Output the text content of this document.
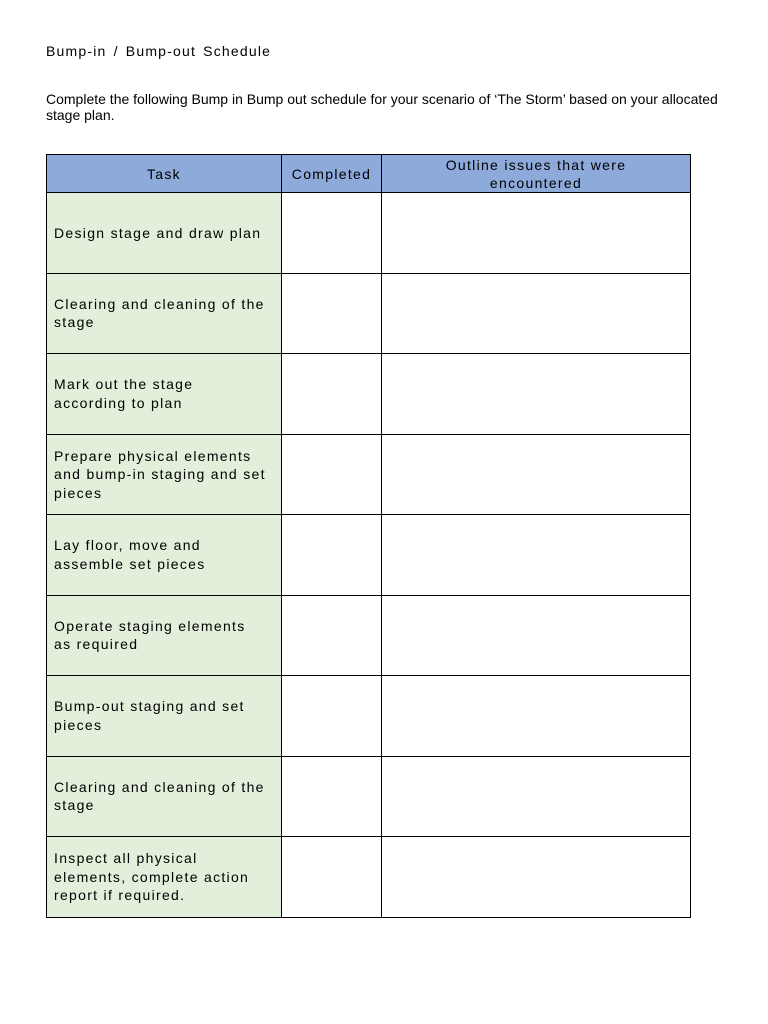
Bump-in / Bump-out Schedule
Complete the following Bump in Bump out schedule for your scenario of ‘The Storm’ based on your allocated stage plan.
Task	Completed	Outline issues that were encountered
Design stage and draw plan		
Clearing and cleaning of the stage		
Mark out the stage according to plan		
Prepare physical elements and bump-in staging and set pieces		
Lay floor, move and assemble set pieces		
Operate staging elements as required		
Bump-out staging and set pieces		
Clearing and cleaning of the stage		
Inspect all physical elements, complete action report if required.		
